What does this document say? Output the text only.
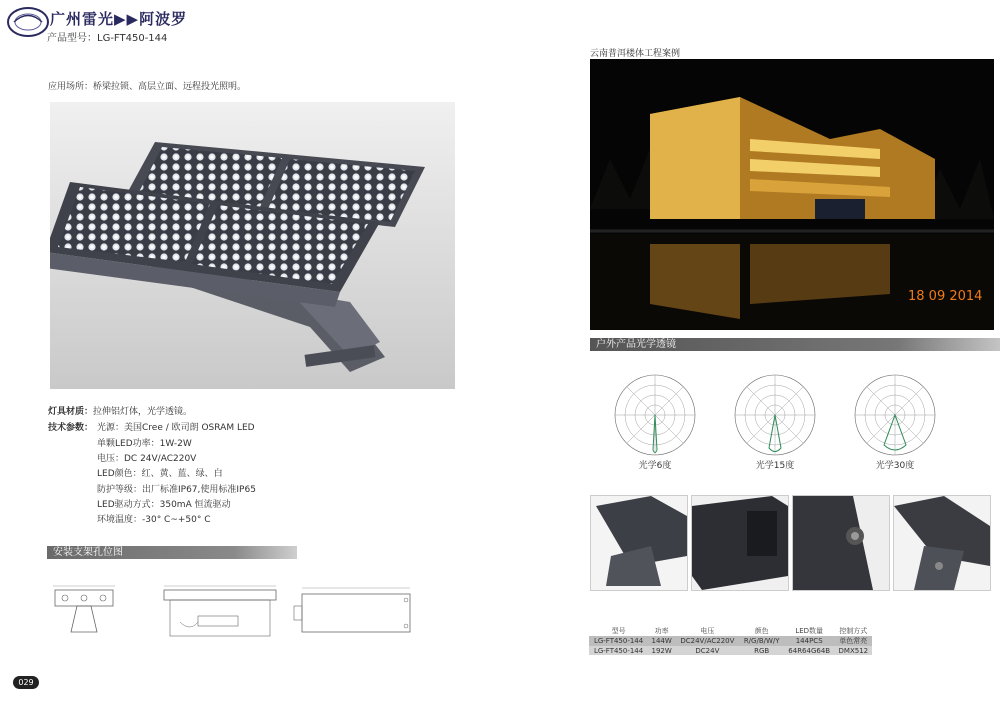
广州雷光▶▶阿波罗
产品型号：LG-FT450-144
应用场所：桥梁拉锁、高层立面、远程投光照明。
灯具材质：拉伸铝灯体，光学透镜。
技术参数： 光源：美国Cree / 欧司朗 OSRAM LED
单颗LED功率：1W-2W
电压：DC 24V/AC220V
LED颜色：红、黄、蓝、绿、白
防护等级：出厂标准IP67,使用标准IP65
LED驱动方式：350mA 恒流驱动
环境温度：-30° C~+50° C
安装支架孔位图
029
云南普洱楼体工程案例
18 09 2014
户外产品光学透镜
光学6度	光学15度	光学30度
型号	功率	电压	颜色	LED数量	控制方式
LG-FT450-144	144W	DC24V/AC220V	R/G/B/W/Y	144PCS	单色常亮
LG-FT450-144	192W	DC24V	RGB	64R64G64B	DMX512
